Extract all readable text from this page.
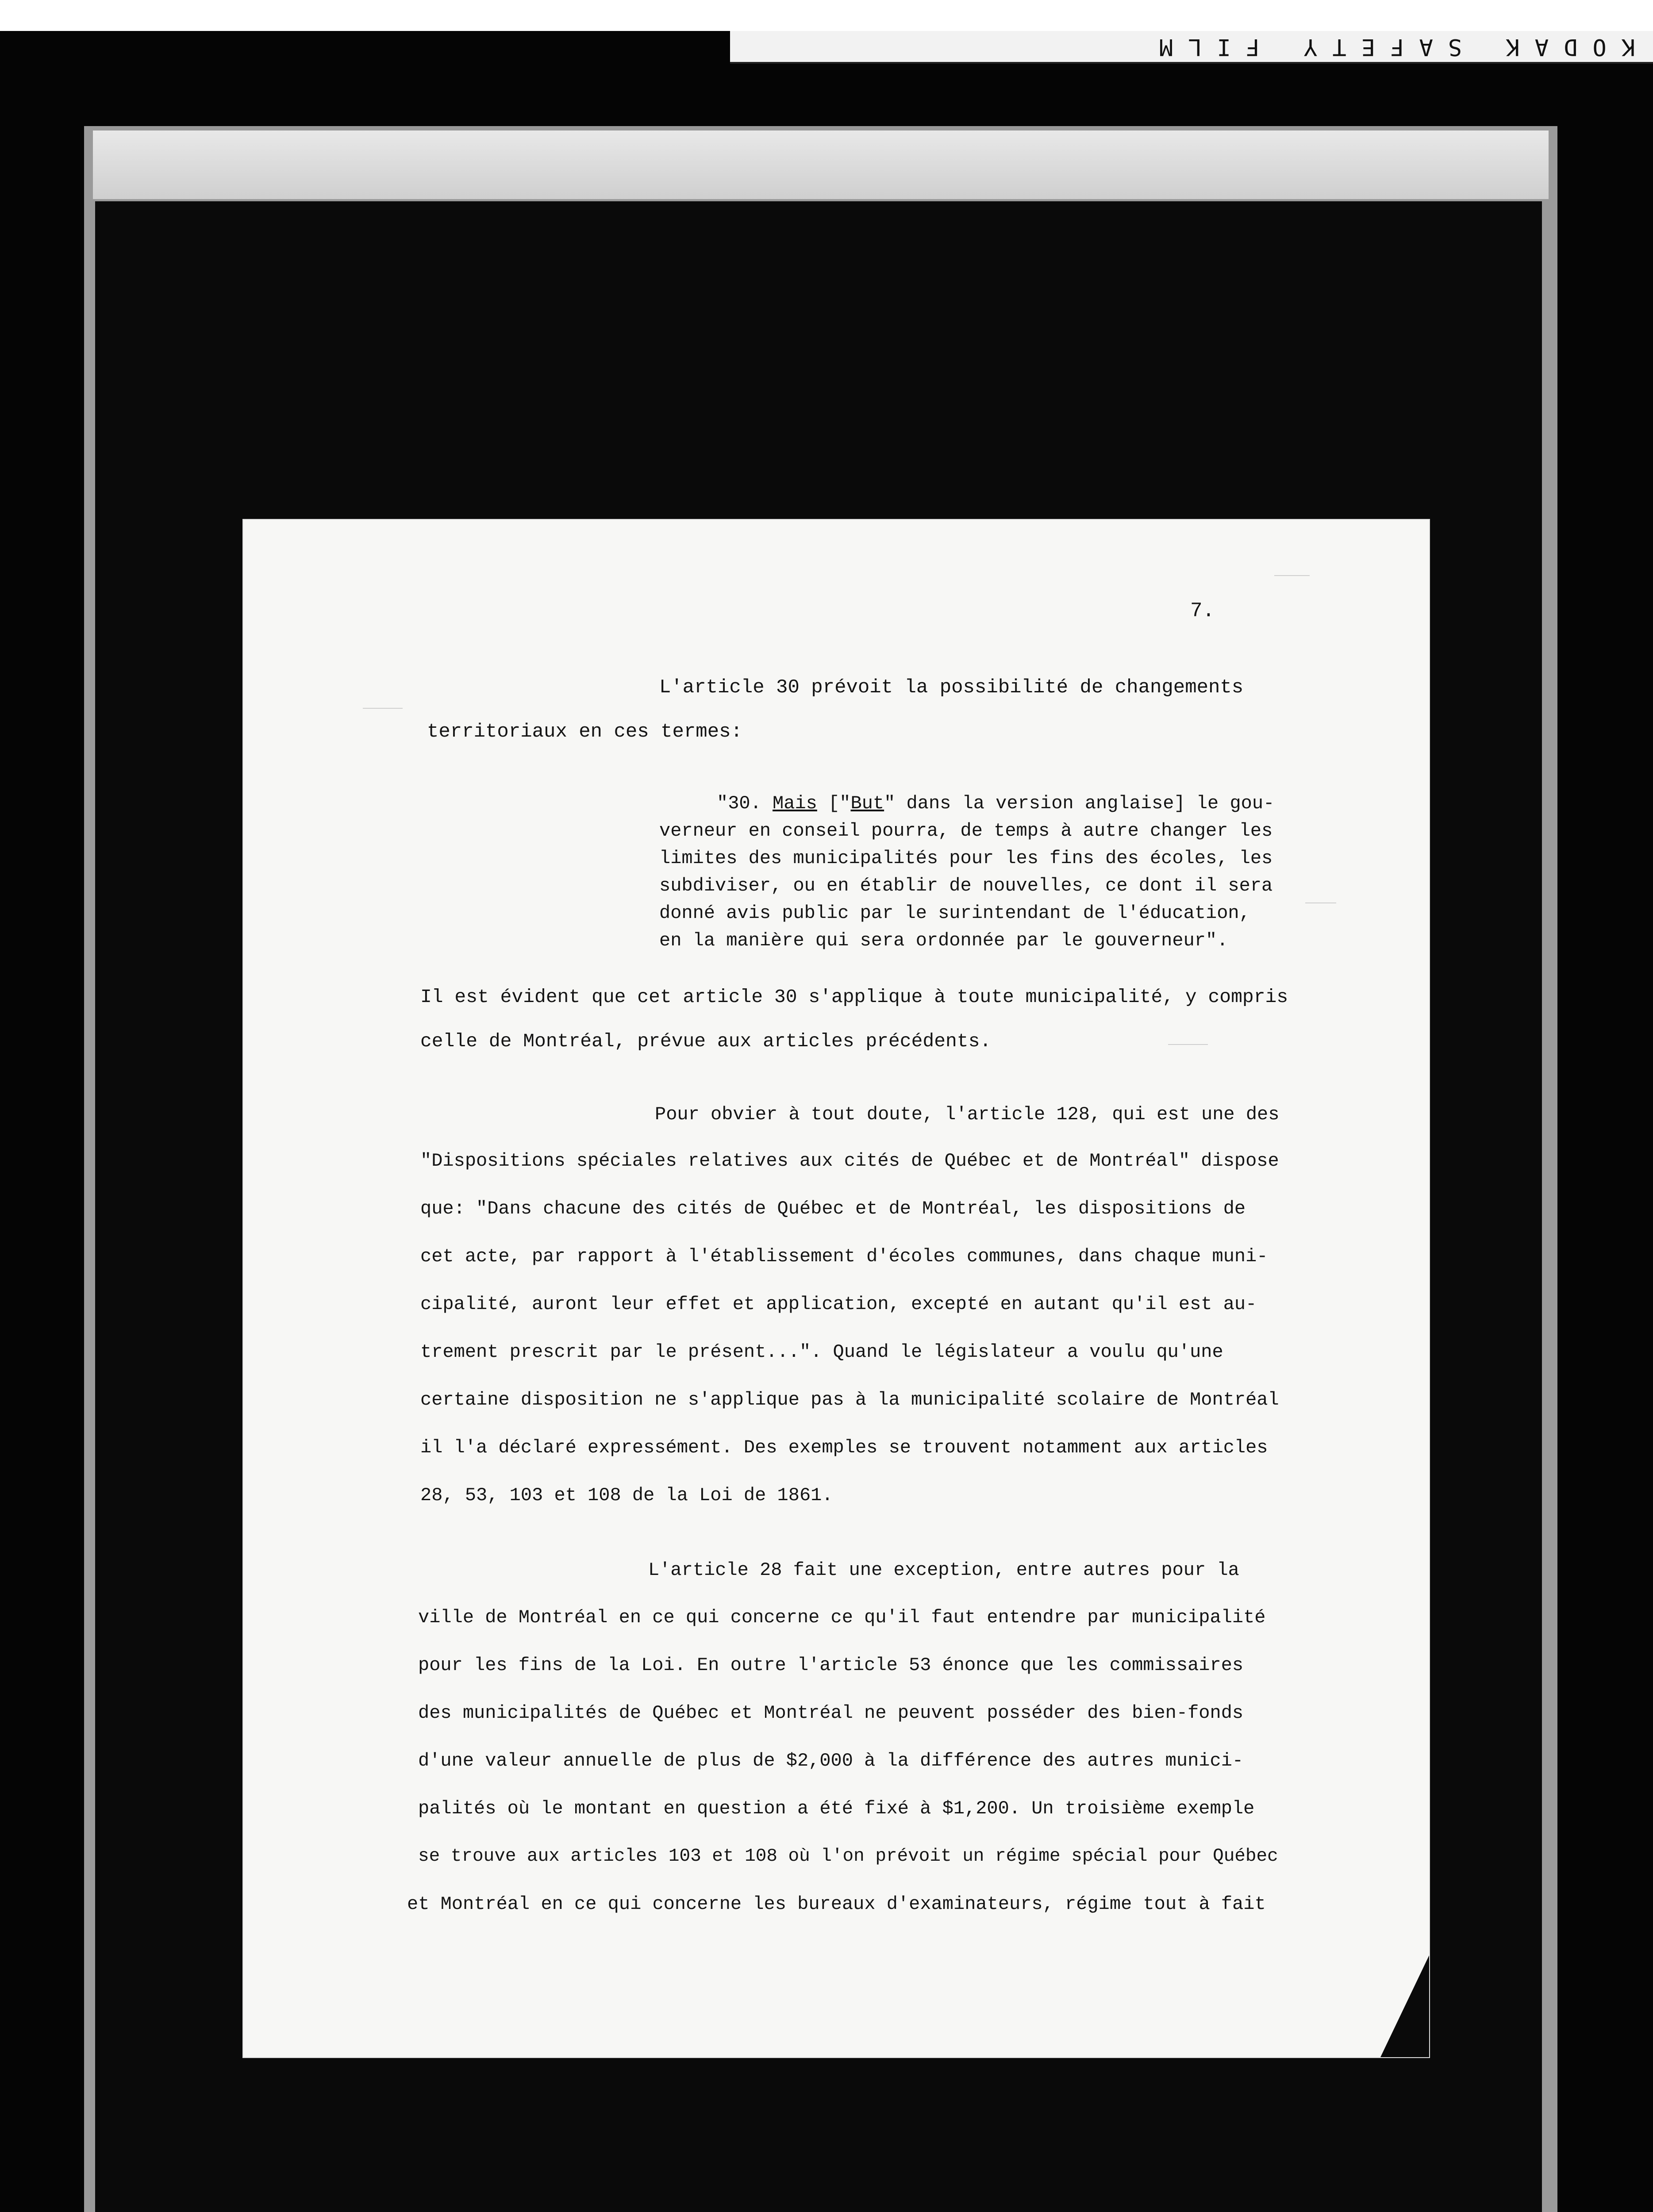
KODAK SAFETY FILM
7.
L'article 30 prévoit la possibilité de changements
territoriaux en ces termes:
"30. Mais ["But" dans la version anglaise] le gou-
verneur en conseil pourra, de temps à autre changer les
limites des municipalités pour les fins des écoles, les
subdiviser, ou en établir de nouvelles, ce dont il sera
donné avis public par le surintendant de l'éducation,
en la manière qui sera ordonnée par le gouverneur".
Il est évident que cet article 30 s'applique à toute municipalité, y compris
celle de Montréal, prévue aux articles précédents.
Pour obvier à tout doute, l'article 128, qui est une des
"Dispositions spéciales relatives aux cités de Québec et de Montréal" dispose
que: "Dans chacune des cités de Québec et de Montréal, les dispositions de
cet acte, par rapport à l'établissement d'écoles communes, dans chaque muni-
cipalité, auront leur effet et application, excepté en autant qu'il est au-
trement prescrit par le présent...". Quand le législateur a voulu qu'une
certaine disposition ne s'applique pas à la municipalité scolaire de Montréal
il l'a déclaré expressément. Des exemples se trouvent notamment aux articles
28, 53, 103 et 108 de la Loi de 1861.
L'article 28 fait une exception, entre autres pour la
ville de Montréal en ce qui concerne ce qu'il faut entendre par municipalité
pour les fins de la Loi. En outre l'article 53 énonce que les commissaires
des municipalités de Québec et Montréal ne peuvent posséder des bien-fonds
d'une valeur annuelle de plus de $2,000 à la différence des autres munici-
palités où le montant en question a été fixé à $1,200. Un troisième exemple
se trouve aux articles 103 et 108 où l'on prévoit un régime spécial pour Québec
et Montréal en ce qui concerne les bureaux d'examinateurs, régime tout à fait
